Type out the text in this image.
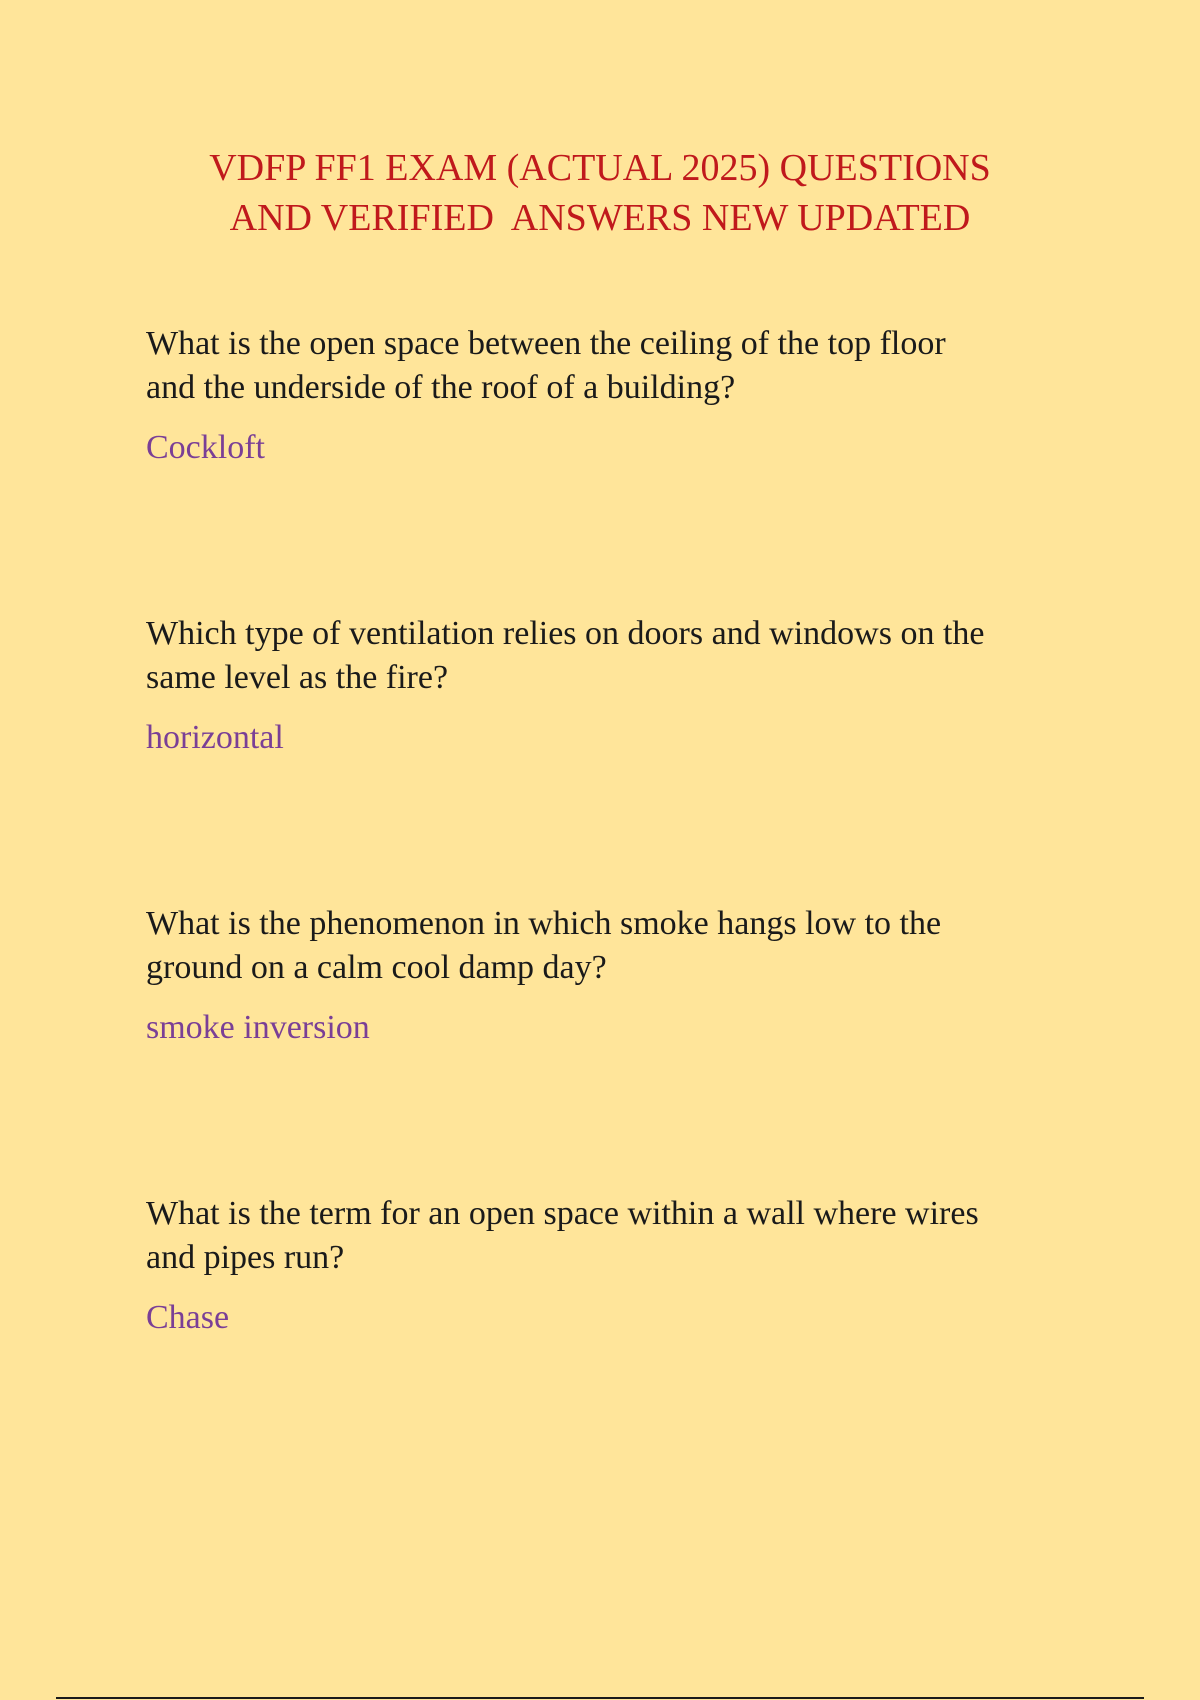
VDFP FF1 EXAM (ACTUAL 2025) QUESTIONS
AND VERIFIED  ANSWERS NEW UPDATED

What is the open space between the ceiling of the top floor
and the underside of the roof of a building?

Cockloft

Which type of ventilation relies on doors and windows on the
same level as the fire?

horizontal

What is the phenomenon in which smoke hangs low to the
ground on a calm cool damp day?

smoke inversion

What is the term for an open space within a wall where wires
and pipes run?

Chase
